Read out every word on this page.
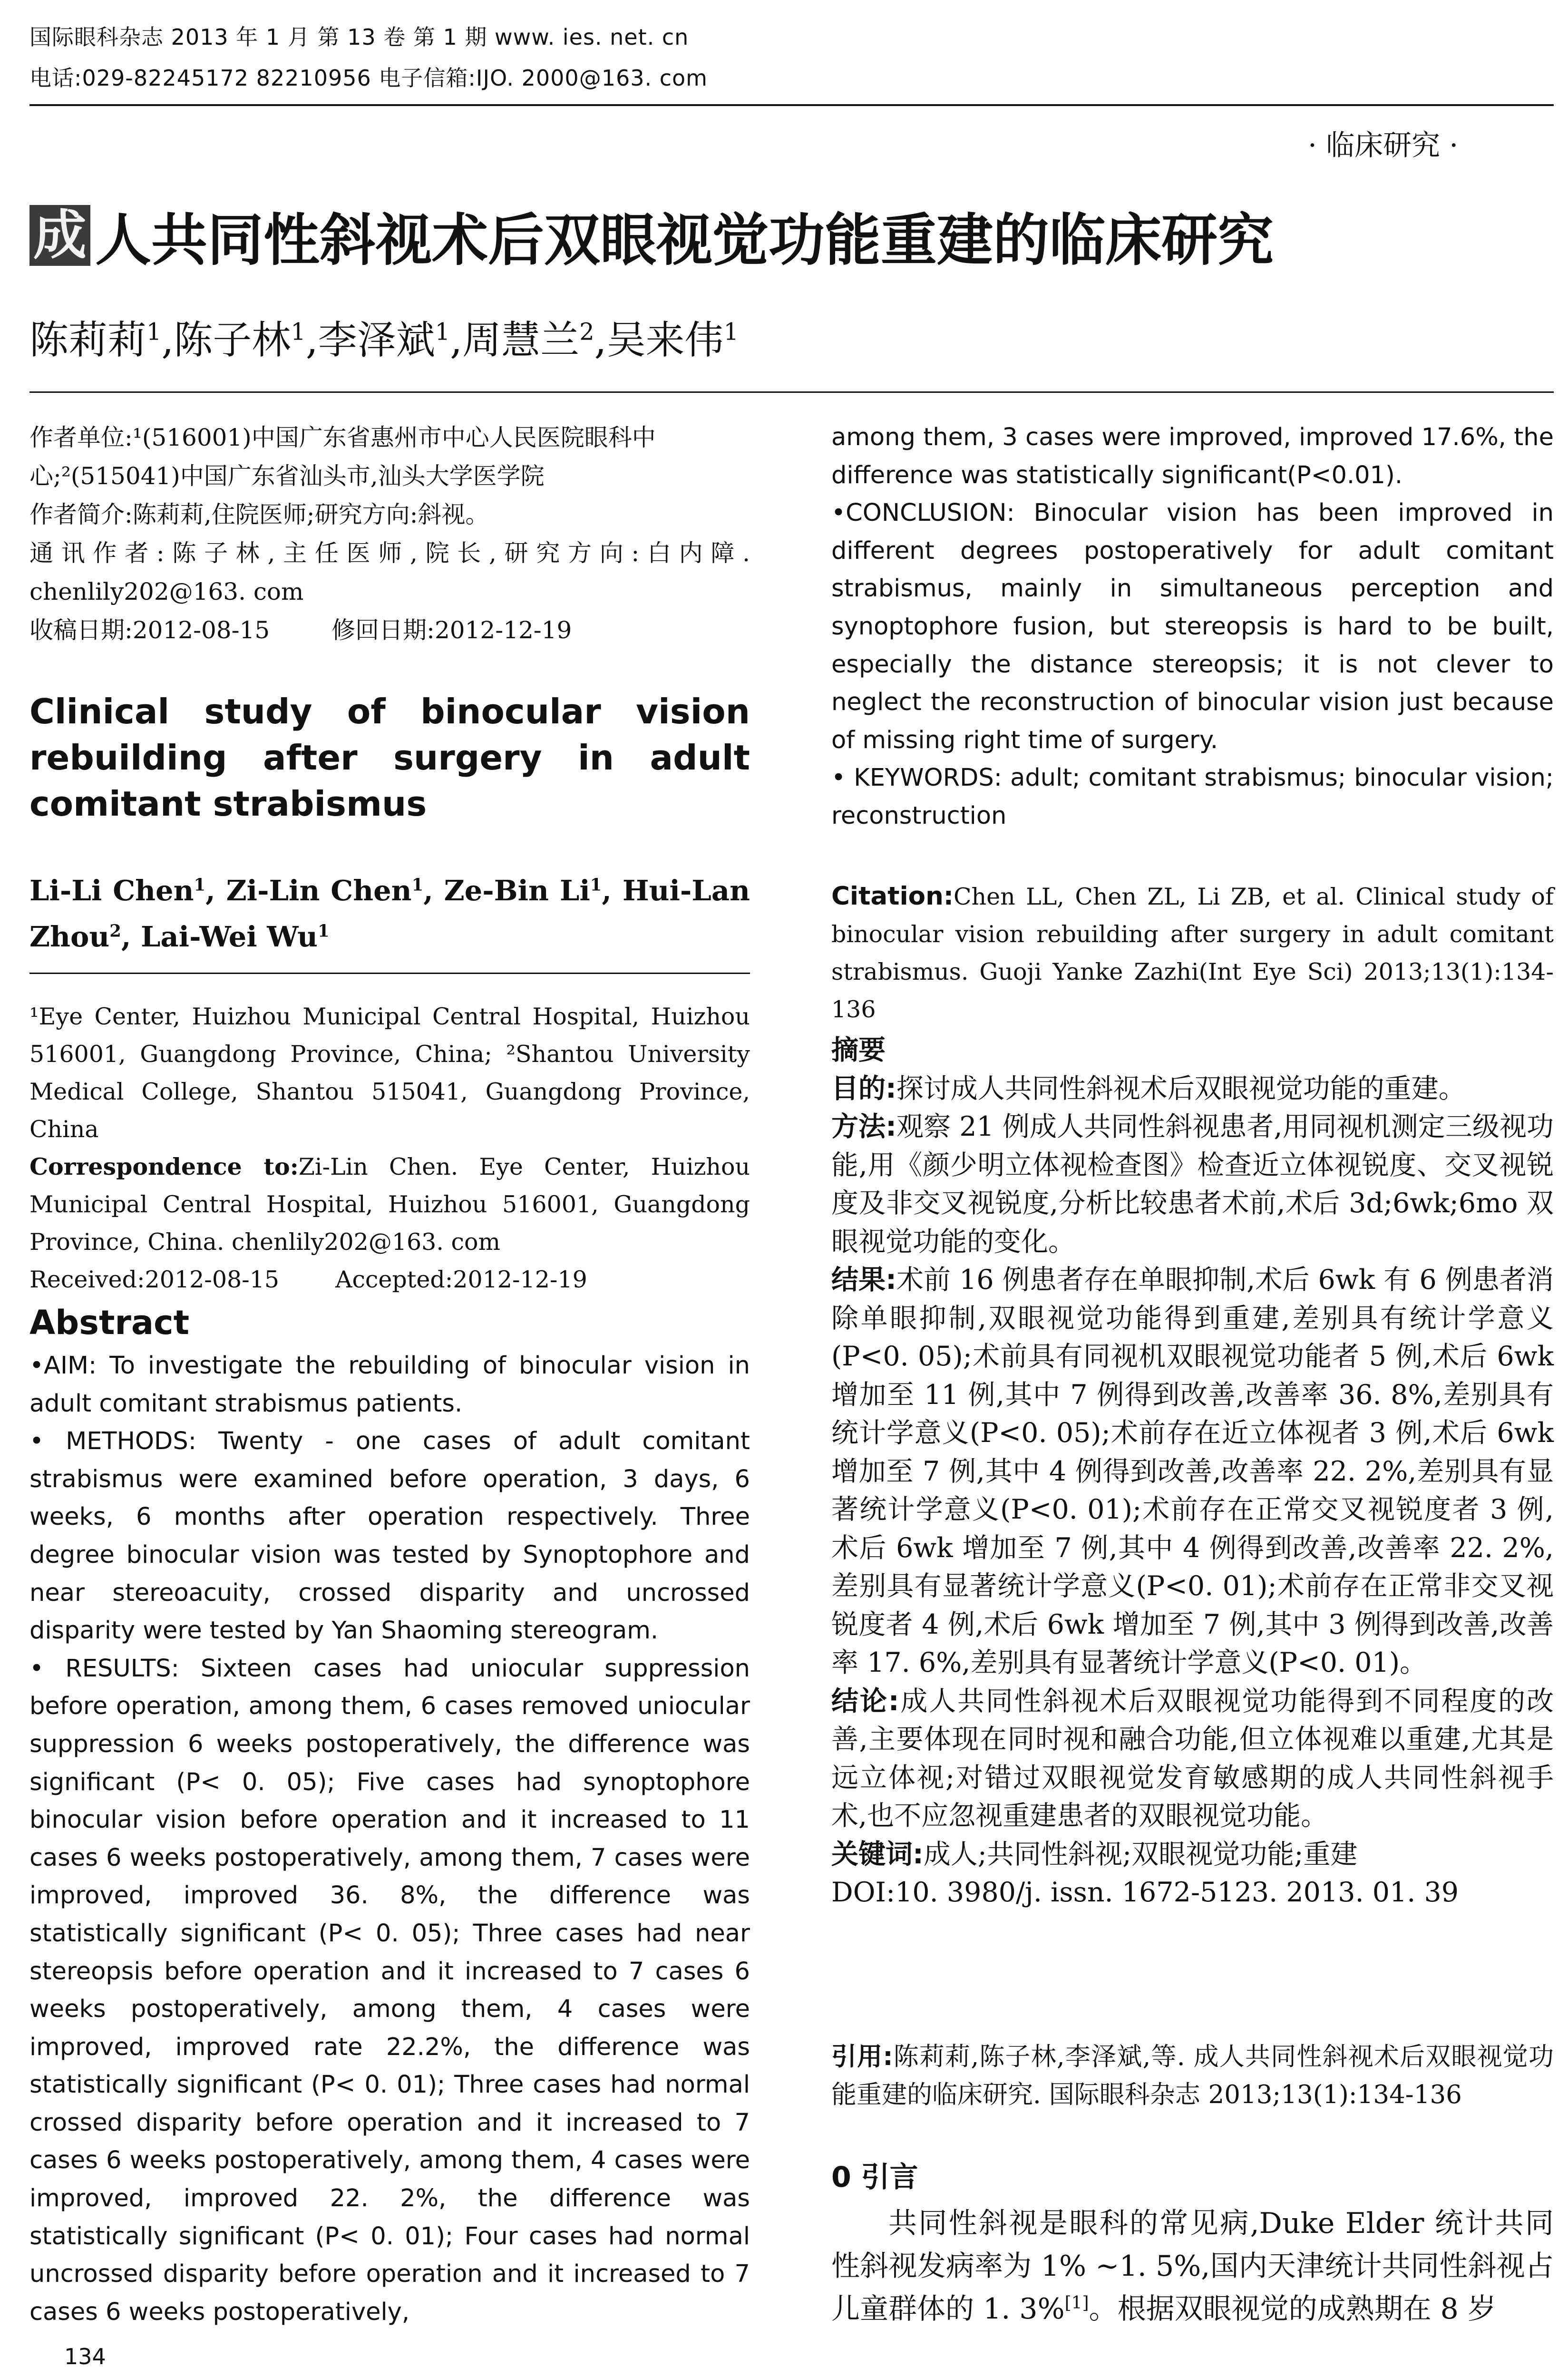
国际眼科杂志 2013 年 1 月 第 13 卷 第 1 期 www. ies. net. cn
电话:029-82245172 82210956 电子信箱:IJO. 2000@163. com
· 临床研究 ·
成 人共同性斜视术后双眼视觉功能重建的临床研究
陈莉莉$^1$,陈子林$^1$,李泽斌$^1$,周慧兰$^2$,吴来伟$^1$

作者单位:¹(516001)中国广东省惠州市中心人民医院眼科中

心;²(515041)中国广东省汕头市,汕头大学医学院

作者简介:陈莉莉,住院医师;研究方向:斜视。

通讯作者:陈子林,主任医师,院长,研究方向:白内障.

chenlily202@163. com

收稿日期:2012-08-15	修回日期:2012-12-19

Clinical study of binocular vision rebuilding after surgery in adult comitant strabismus
Li-Li Chen$^1$, Zi-Lin Chen$^1$, Ze-Bin Li$^1$, Hui-Lan Zhou$^2$, Lai-Wei Wu$^1$

¹Eye Center, Huizhou Municipal Central Hospital, Huizhou 516001, Guangdong Province, China; ²Shantou University Medical College, Shantou 515041, Guangdong Province, China

Correspondence to:Zi-Lin Chen. Eye Center, Huizhou Municipal Central Hospital, Huizhou 516001, Guangdong Province, China. chenlily202@163. com

Received:2012-08-15 Accepted:2012-12-19

Abstract

•AIM: To investigate the rebuilding of binocular vision in adult comitant strabismus patients.

• METHODS: Twenty - one cases of adult comitant strabismus were examined before operation, 3 days, 6 weeks, 6 months after operation respectively. Three degree binocular vision was tested by Synoptophore and near stereoacuity, crossed disparity and uncrossed disparity were tested by Yan Shaoming stereogram.

• RESULTS: Sixteen cases had uniocular suppression before operation, among them, 6 cases removed uniocular suppression 6 weeks postoperatively, the difference was significant (P< 0. 05); Five cases had synoptophore binocular vision before operation and it increased to 11 cases 6 weeks postoperatively, among them, 7 cases were improved, improved 36. 8%, the difference was statistically significant (P< 0. 05); Three cases had near stereopsis before operation and it increased to 7 cases 6 weeks postoperatively, among them, 4 cases were improved, improved rate 22.2%, the difference was statistically significant (P< 0. 01); Three cases had normal crossed disparity before operation and it increased to 7 cases 6 weeks postoperatively, among them, 4 cases were improved, improved 22. 2%, the difference was statistically significant (P< 0. 01); Four cases had normal uncrossed disparity before operation and it increased to 7 cases 6 weeks postoperatively,

134

among them, 3 cases were improved, improved 17.6%, the difference was statistically significant(P<0.01).

•CONCLUSION: Binocular vision has been improved in different degrees postoperatively for adult comitant strabismus, mainly in simultaneous perception and synoptophore fusion, but stereopsis is hard to be built, especially the distance stereopsis; it is not clever to neglect the reconstruction of binocular vision just because of missing right time of surgery.

• KEYWORDS: adult; comitant strabismus; binocular vision; reconstruction

Citation:Chen LL, Chen ZL, Li ZB, et al. Clinical study of binocular vision rebuilding after surgery in adult comitant strabismus. Guoji Yanke Zazhi(Int Eye Sci) 2013;13(1):134-136

摘要

目的:探讨成人共同性斜视术后双眼视觉功能的重建。

方法:观察 21 例成人共同性斜视患者,用同视机测定三级视功能,用《颜少明立体视检查图》检查近立体视锐度、交叉视锐度及非交叉视锐度,分析比较患者术前,术后 3d;6wk;6mo 双眼视觉功能的变化。

结果:术前 16 例患者存在单眼抑制,术后 6wk 有 6 例患者消除单眼抑制,双眼视觉功能得到重建,差别具有统计学意义(P<0. 05);术前具有同视机双眼视觉功能者 5 例,术后 6wk 增加至 11 例,其中 7 例得到改善,改善率 36. 8%,差别具有统计学意义(P<0. 05);术前存在近立体视者 3 例,术后 6wk 增加至 7 例,其中 4 例得到改善,改善率 22. 2%,差别具有显著统计学意义(P<0. 01);术前存在正常交叉视锐度者 3 例,术后 6wk 增加至 7 例,其中 4 例得到改善,改善率 22. 2%,差别具有显著统计学意义(P<0. 01);术前存在正常非交叉视锐度者 4 例,术后 6wk 增加至 7 例,其中 3 例得到改善,改善率 17. 6%,差别具有显著统计学意义(P<0. 01)。

结论:成人共同性斜视术后双眼视觉功能得到不同程度的改善,主要体现在同时视和融合功能,但立体视难以重建,尤其是远立体视;对错过双眼视觉发育敏感期的成人共同性斜视手术,也不应忽视重建患者的双眼视觉功能。

关键词:成人;共同性斜视;双眼视觉功能;重建

DOI:10. 3980/j. issn. 1672-5123. 2013. 01. 39

引用:陈莉莉,陈子林,李泽斌,等. 成人共同性斜视术后双眼视觉功能重建的临床研究. 国际眼科杂志 2013;13(1):134-136
0 引言
共同性斜视是眼科的常见病,Duke Elder 统计共同性斜视发病率为 1% ~1. 5%,国内天津统计共同性斜视占儿童群体的 1. 3%[1]。根据双眼视觉的成熟期在 8 岁
